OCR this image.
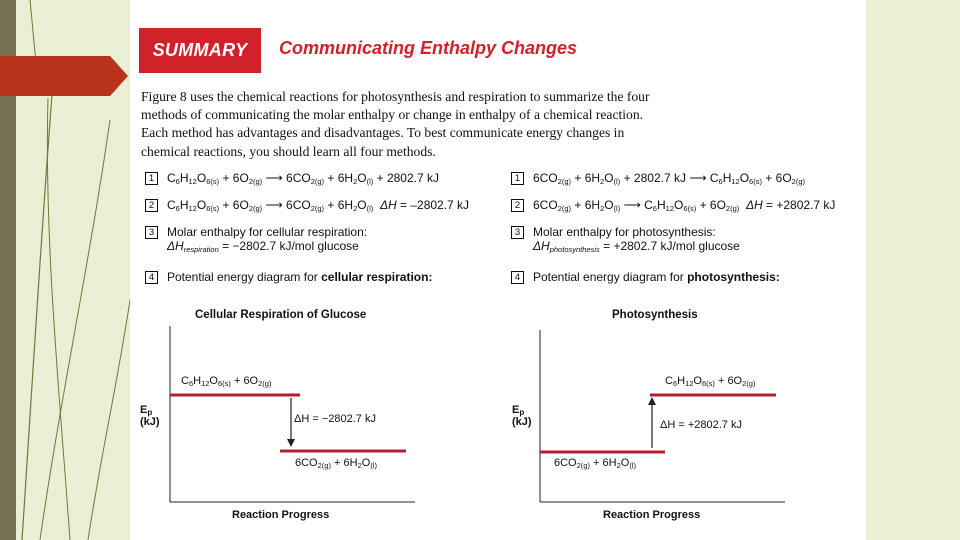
SUMMARY	Communicating Enthalpy Changes

Figure 8 uses the chemical reactions for photosynthesis and respiration to summarize the four methods of communicating the molar enthalpy or change in enthalpy of a chemical reaction. Each method has advantages and disadvantages. To best communicate energy changes in chemical reactions, you should learn all four methods.

1 $C_6H_{12}O_{6(s)} + 6O_{2(g)}$ ⟶ $6CO_{2(g)} + 6H_2O_{(l)} + 2802.7$ kJ
2 $C_6H_{12}O_{6(s)} + 6O_{2(g)}$ ⟶ $6CO_{2(g)} + 6H_2O_{(l)}$ ΔH = –2802.7 kJ
3 Molar enthalpy for cellular respiration:
$\Delta H_{respiration} = -2802.7$ kJ/mol glucose
4 Potential energy diagram for cellular respiration:
1 $6CO_{2(g)} + 6H_2O_{(l)} + 2802.7$ kJ ⟶ $C_6H_{12}O_{6(s)} + 6O_{2(g)}$
2 $6CO_{2(g)} + 6H_2O_{(l)}$ ⟶ $C_6H_{12}O_{6(s)} + 6O_{2(g)}$ ΔH = +2802.7 kJ
3 Molar enthalpy for photosynthesis:
$\Delta H_{photosynthesis} = +2802.7$ kJ/mol glucose
4 Potential energy diagram for photosynthesis:
Cellular Respiration of Glucose
$E_p$
(kJ)
$C_6H_{12}O_{6(s)} + 6O_{2(g)}$
ΔH = −2802.7 kJ
$6CO_{2(g)} + 6H_2O_{(l)}$
Reaction Progress
Photosynthesis
$E_p$
(kJ)
$C_6H_{12}O_{6(s)} + 6O_{2(g)}$
ΔH = +2802.7 kJ
$6CO_{2(g)} + 6H_2O_{(l)}$
Reaction Progress
